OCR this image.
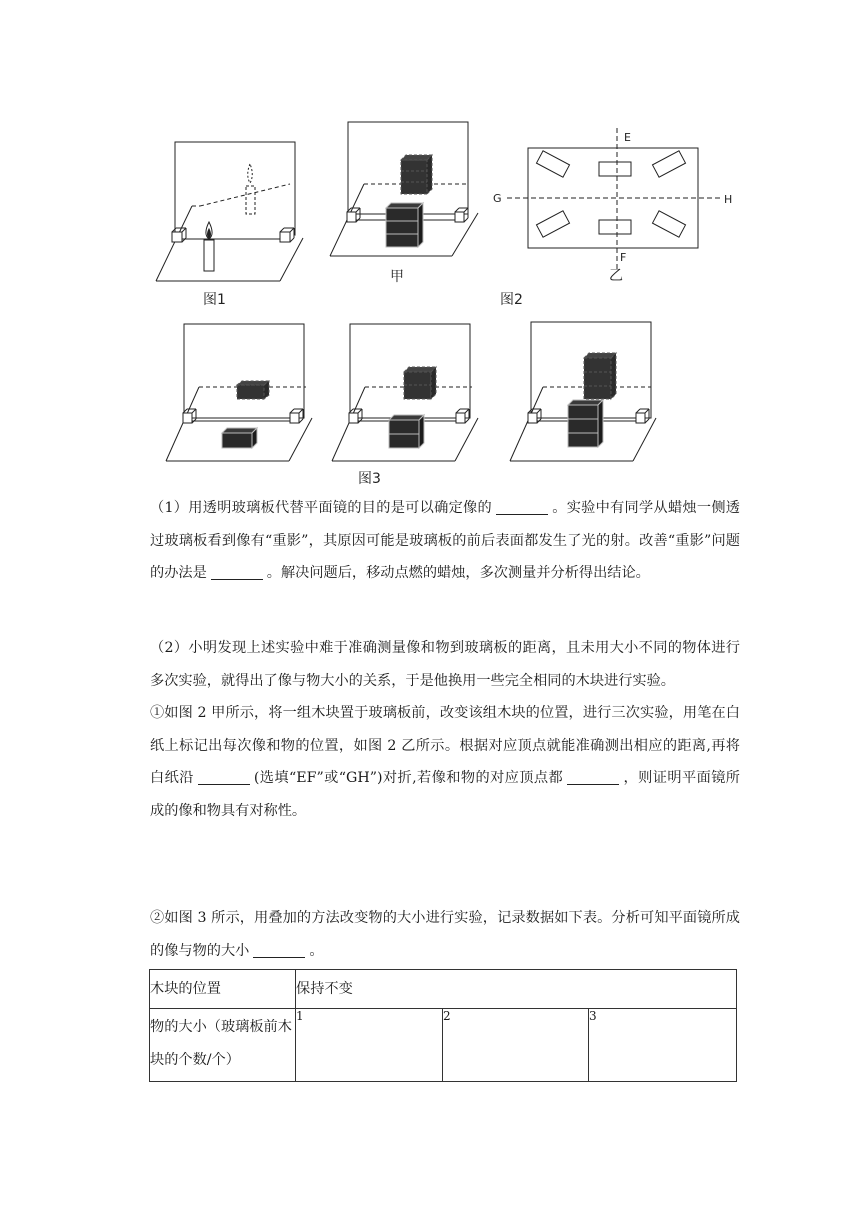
图1
甲
E
F
G	H
乙
图2
图3

（1）用透明玻璃板代替平面镜的目的是可以确定像的	。实验中有同学从蜡烛一侧透过玻璃板看到像有“重影”，其原因可能是玻璃板的前后表面都发生了光的射。改善“重影”问题的办法是	。解决问题后，移动点燃的蜡烛，多次测量并分析得出结论。

（2）小明发现上述实验中难于准确测量像和物到玻璃板的距离，且未用大小不同的物体进行多次实验，就得出了像与物大小的关系，于是他换用一些完全相同的木块进行实验。

①如图 2 甲所示，将一组木块置于玻璃板前，改变该组木块的位置，进行三次实验，用笔在白纸上标记出每次像和物的位置，如图 2 乙所示。根据对应顶点就能准确测出相应的距离,再将白纸沿	(选填“EF”或“GH”)对折,若像和物的对应顶点都	，则证明平面镜所成的像和物具有对称性。

②如图 3 所示，用叠加的方法改变物的大小进行实验，记录数据如下表。分析可知平面镜所成的像与物的大小	。

木块的位置	保持不变		
物的大小（玻璃板前木块的个数/个）	1	2	3
